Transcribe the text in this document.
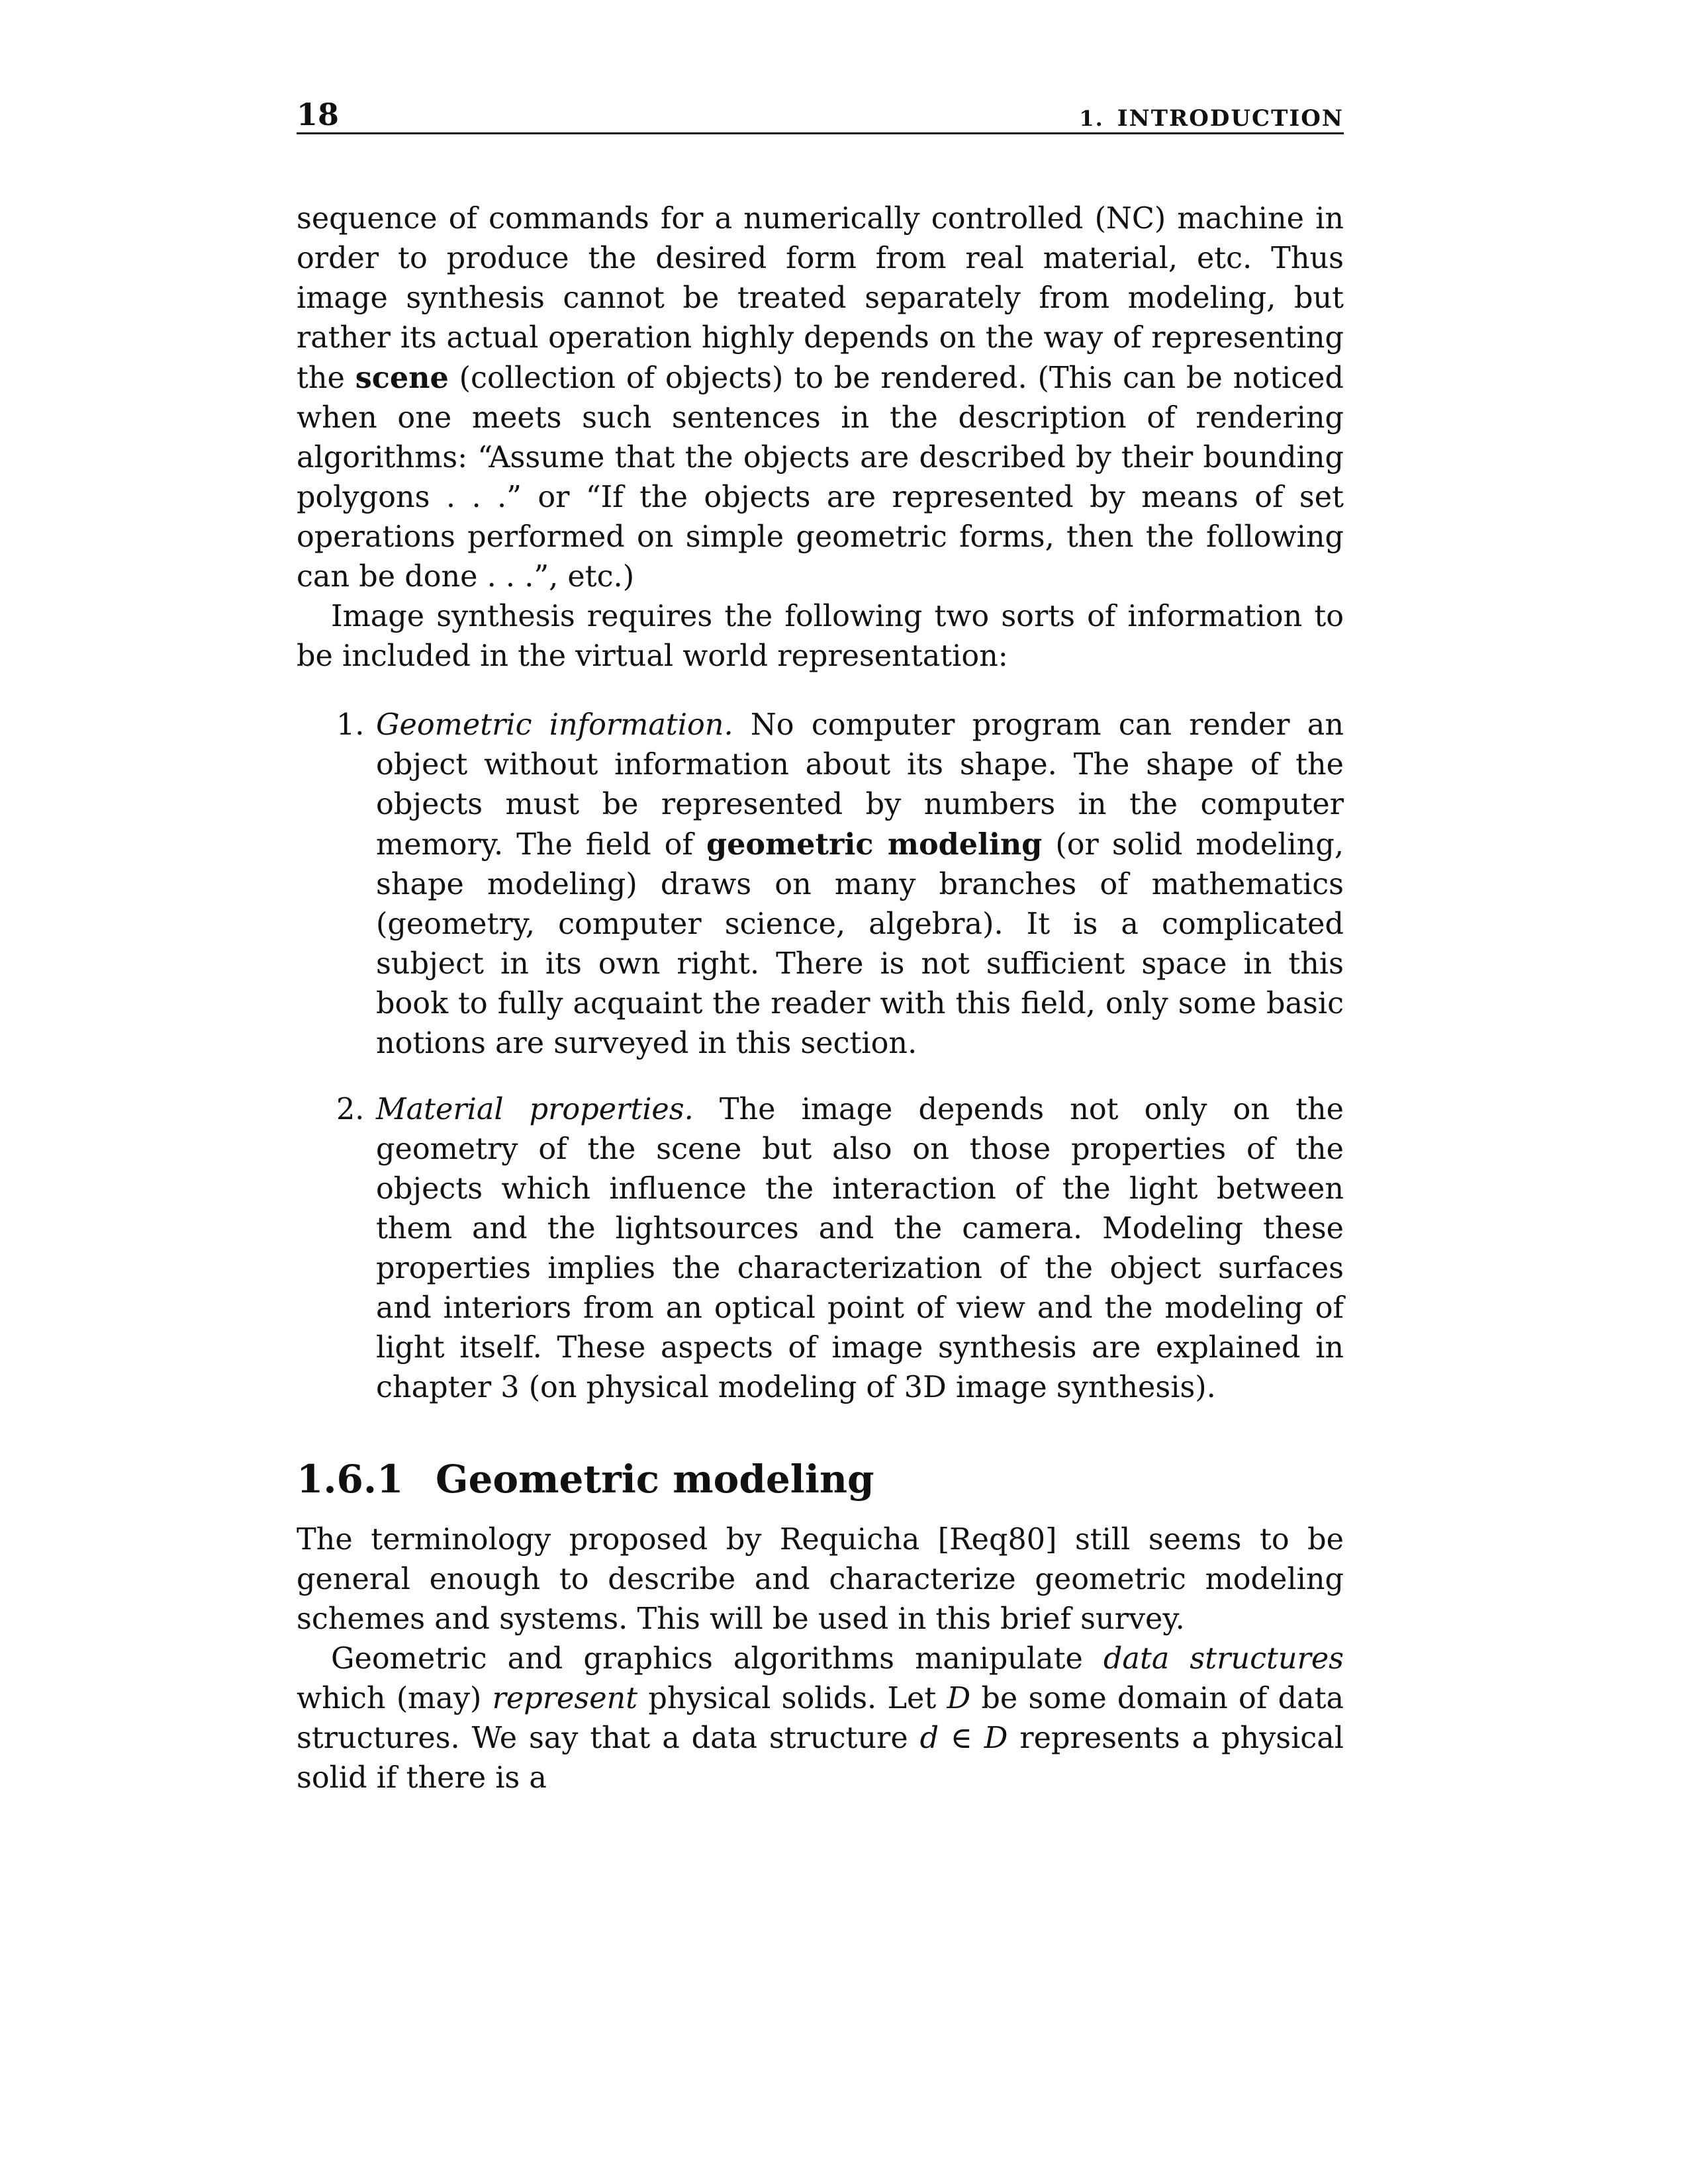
18	1. INTRODUCTION

sequence of commands for a numerically controlled (NC) machine in order to produce the desired form from real material, etc. Thus image synthesis cannot be treated separately from modeling, but rather its actual operation highly depends on the way of representing the scene (collection of objects) to be rendered. (This can be noticed when one meets such sentences in the description of rendering algorithms: “Assume that the objects are described by their bounding polygons . . .” or “If the objects are represented by means of set operations performed on simple geometric forms, then the following can be done . . .”, etc.)

Image synthesis requires the following two sorts of information to be included in the virtual world representation:

1. Geometric information. No computer program can render an object without information about its shape. The shape of the objects must be represented by numbers in the computer memory. The field of geometric modeling (or solid modeling, shape modeling) draws on many branches of mathematics (geometry, computer science, algebra). It is a complicated subject in its own right. There is not sufficient space in this book to fully acquaint the reader with this field, only some basic notions are surveyed in this section.

2. Material properties. The image depends not only on the geometry of the scene but also on those properties of the objects which influence the interaction of the light between them and the lightsources and the camera. Modeling these properties implies the characterization of the object surfaces and interiors from an optical point of view and the modeling of light itself. These aspects of image synthesis are explained in chapter 3 (on physical modeling of 3D image synthesis).

1.6.1 Geometric modeling

The terminology proposed by Requicha [Req80] still seems to be general enough to describe and characterize geometric modeling schemes and systems. This will be used in this brief survey.

Geometric and graphics algorithms manipulate data structures which (may) represent physical solids. Let D be some domain of data structures. We say that a data structure d ∈ D represents a physical solid if there is a
